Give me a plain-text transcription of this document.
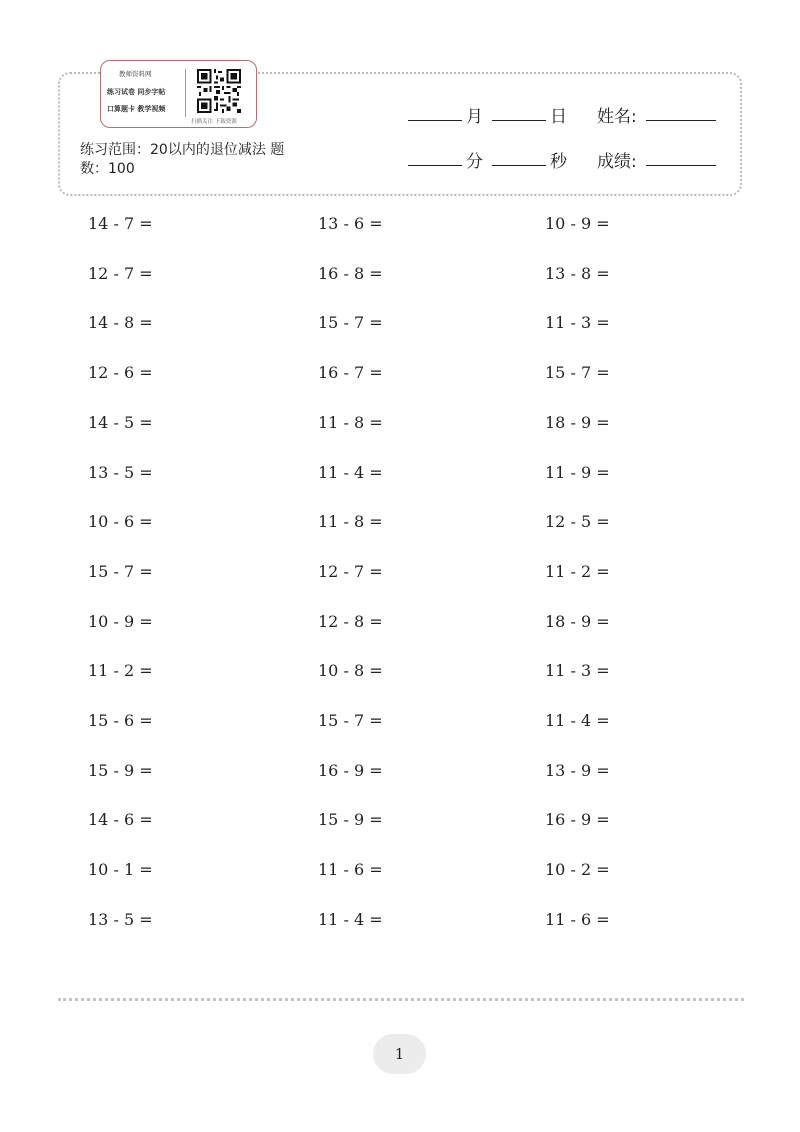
教师资料网
练习试卷 同步字帖
口算题卡 教学视频
扫描关注 下载资源	月	日 姓名:
分	秒 成绩:
练习范围：20以内的退位减法 题数：100
14 - 7 =	13 - 6 =	10 - 9 =
12 - 7 =	16 - 8 =	13 - 8 =
14 - 8 =	15 - 7 =	11 - 3 =
12 - 6 =	16 - 7 =	15 - 7 =
14 - 5 =	11 - 8 =	18 - 9 =
13 - 5 =	11 - 4 =	11 - 9 =
10 - 6 =	11 - 8 =	12 - 5 =
15 - 7 =	12 - 7 =	11 - 2 =
10 - 9 =	12 - 8 =	18 - 9 =
11 - 2 =	10 - 8 =	11 - 3 =
15 - 6 =	15 - 7 =	11 - 4 =
15 - 9 =	16 - 9 =	13 - 9 =
14 - 6 =	15 - 9 =	16 - 9 =
10 - 1 =	11 - 6 =	10 - 2 =
13 - 5 =	11 - 4 =	11 - 6 =
1
